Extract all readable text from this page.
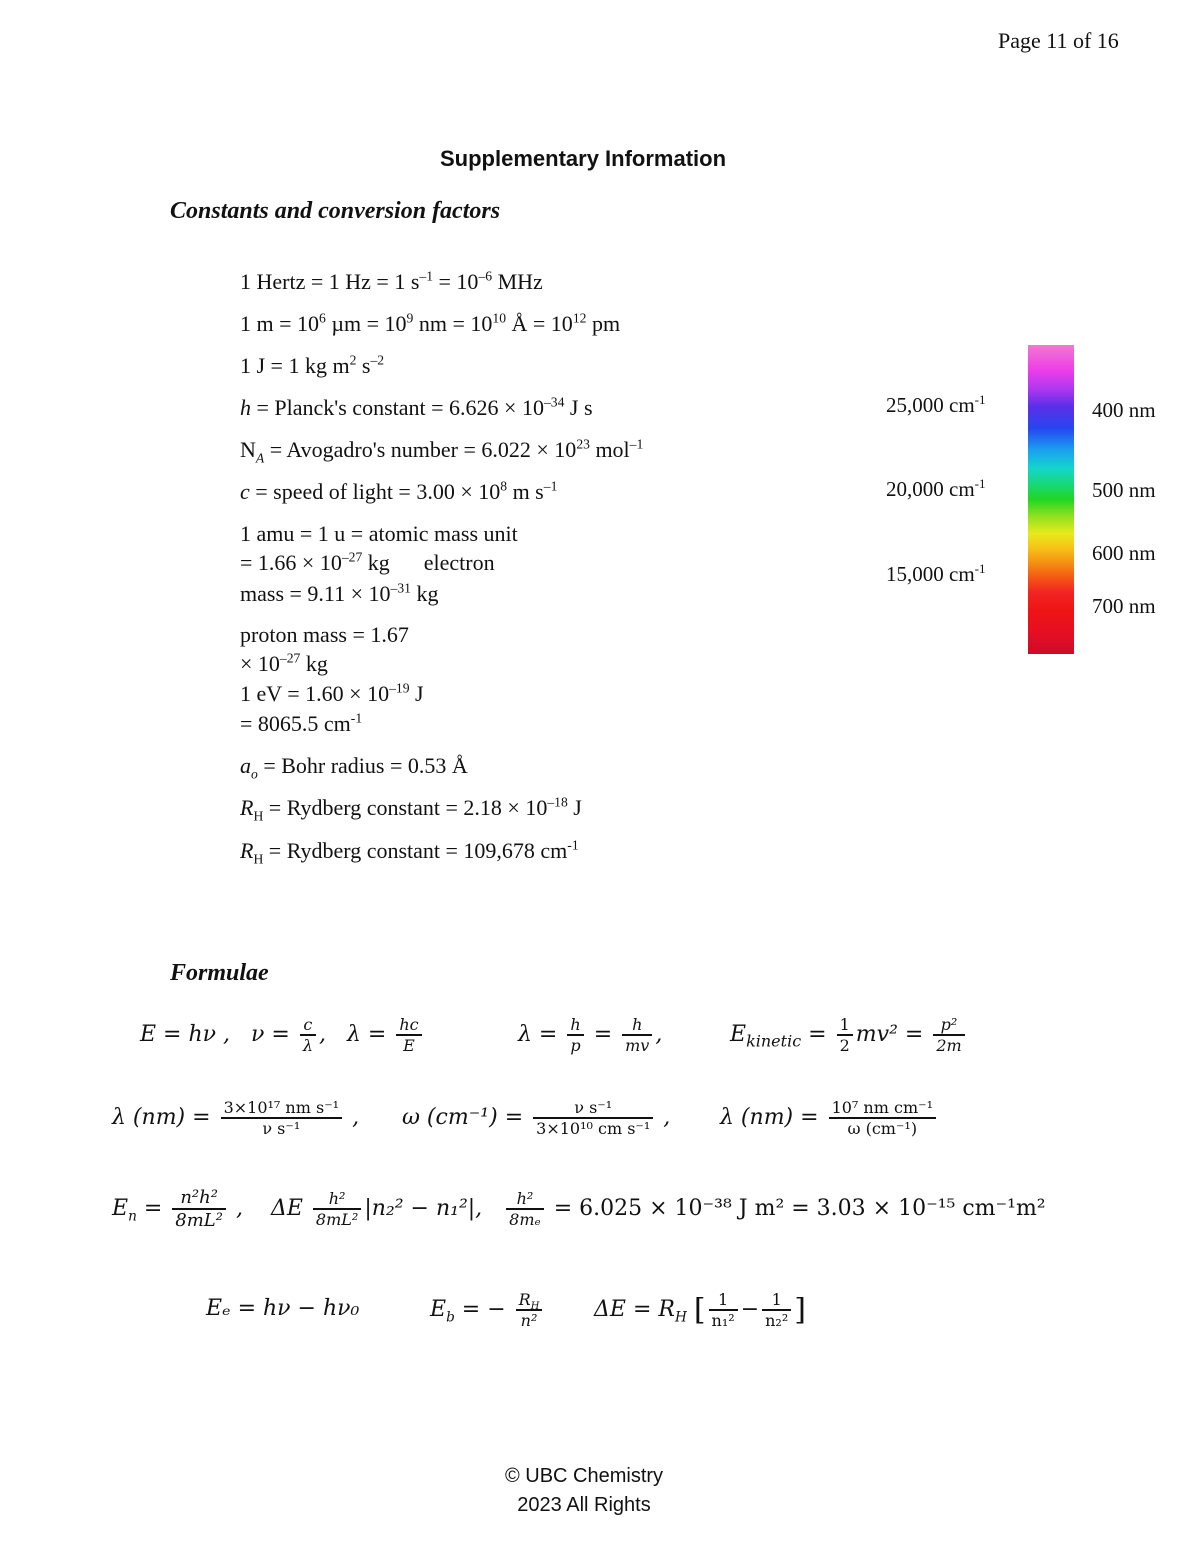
Page 11 of 16
Supplementary Information
Constants and conversion factors
1 Hertz = 1 Hz = 1 $s^{-1} = 10^{-6}$ MHz
1 $m = 10^6$ $\mu m = 10^9$ nm = $10^{10}$ Å = $10^{12}$ pm
1 J = 1 kg $m^2$ $s^{-2}$
h = Planck's constant = $6.626 \times 10^{-34}$ J s
$N_A$ = Avogadro's number = $6.022 \times 10^{23}$ mol$^{-1}$
c = speed of light = $3.00 \times 10^8$ m $s^{-1}$
1 amu = 1 u = atomic mass unit
= $1.66 \times 10^{-27}$ kg electron
mass = $9.11 \times 10^{-31}$ kg
proton mass = 1.67
× $10^{-27}$ kg
1 eV = $1.60 \times 10^{-19}$ J
= 8065.5 $cm^{-1}$
$a_o$ = Bohr radius = 0.53 Å
$R_H$ = Rydberg constant = $2.18 \times 10^{-18}$ J
$R_H$ = Rydberg constant = 109,678 $cm^{-1}$
25,000 $cm^{-1}$
20,000 $cm^{-1}$
15,000 $cm^{-1}$
400 nm
500 nm
600 nm
700 nm
Formulae
E = hν , $\nu = \frac{c}{\lambda}$ , $\lambda = \frac{hc}{E}$	$\lambda = \frac{h}{p} = \frac{h}{mv}$ ,	$E_{kinetic} = \frac{1}{2} mv^2 = \frac{\text{p²}}{2m}$
λ $(nm) = \frac{\text{3×10¹⁷ nm s⁻¹}}{\text{ν s⁻¹}}$ , ω $(cm^{-1}) = \frac{\text{ν s⁻¹}}{\text{3×10¹⁰ cm s⁻¹}}$ , λ $(nm) = \frac{\text{10⁷ nm cm⁻¹}}{\text{ω (cm⁻¹)}}$
$E_n = \frac{\text{n²h²}}{\text{8mL²}}$ , ΔE $\frac{\text{h²}}{\text{8mL²}} |n_2^2 - n_1^2|$, $\frac{\text{h²}}{\text{8mₑ}} = 6.025 \times 10^{-38}$ J m² = 3.03 × 10⁻¹⁵ cm⁻¹m²
Eₑ = hν − hν₀	$E_b$ = − $\frac{R_H}{\text{n²}}$ $\Delta E = R_H$ [ $\frac{1}{\text{n₁²}} - \frac{1}{\text{n₂²}}$ ]
© UBC Chemistry
2023 All Rights
